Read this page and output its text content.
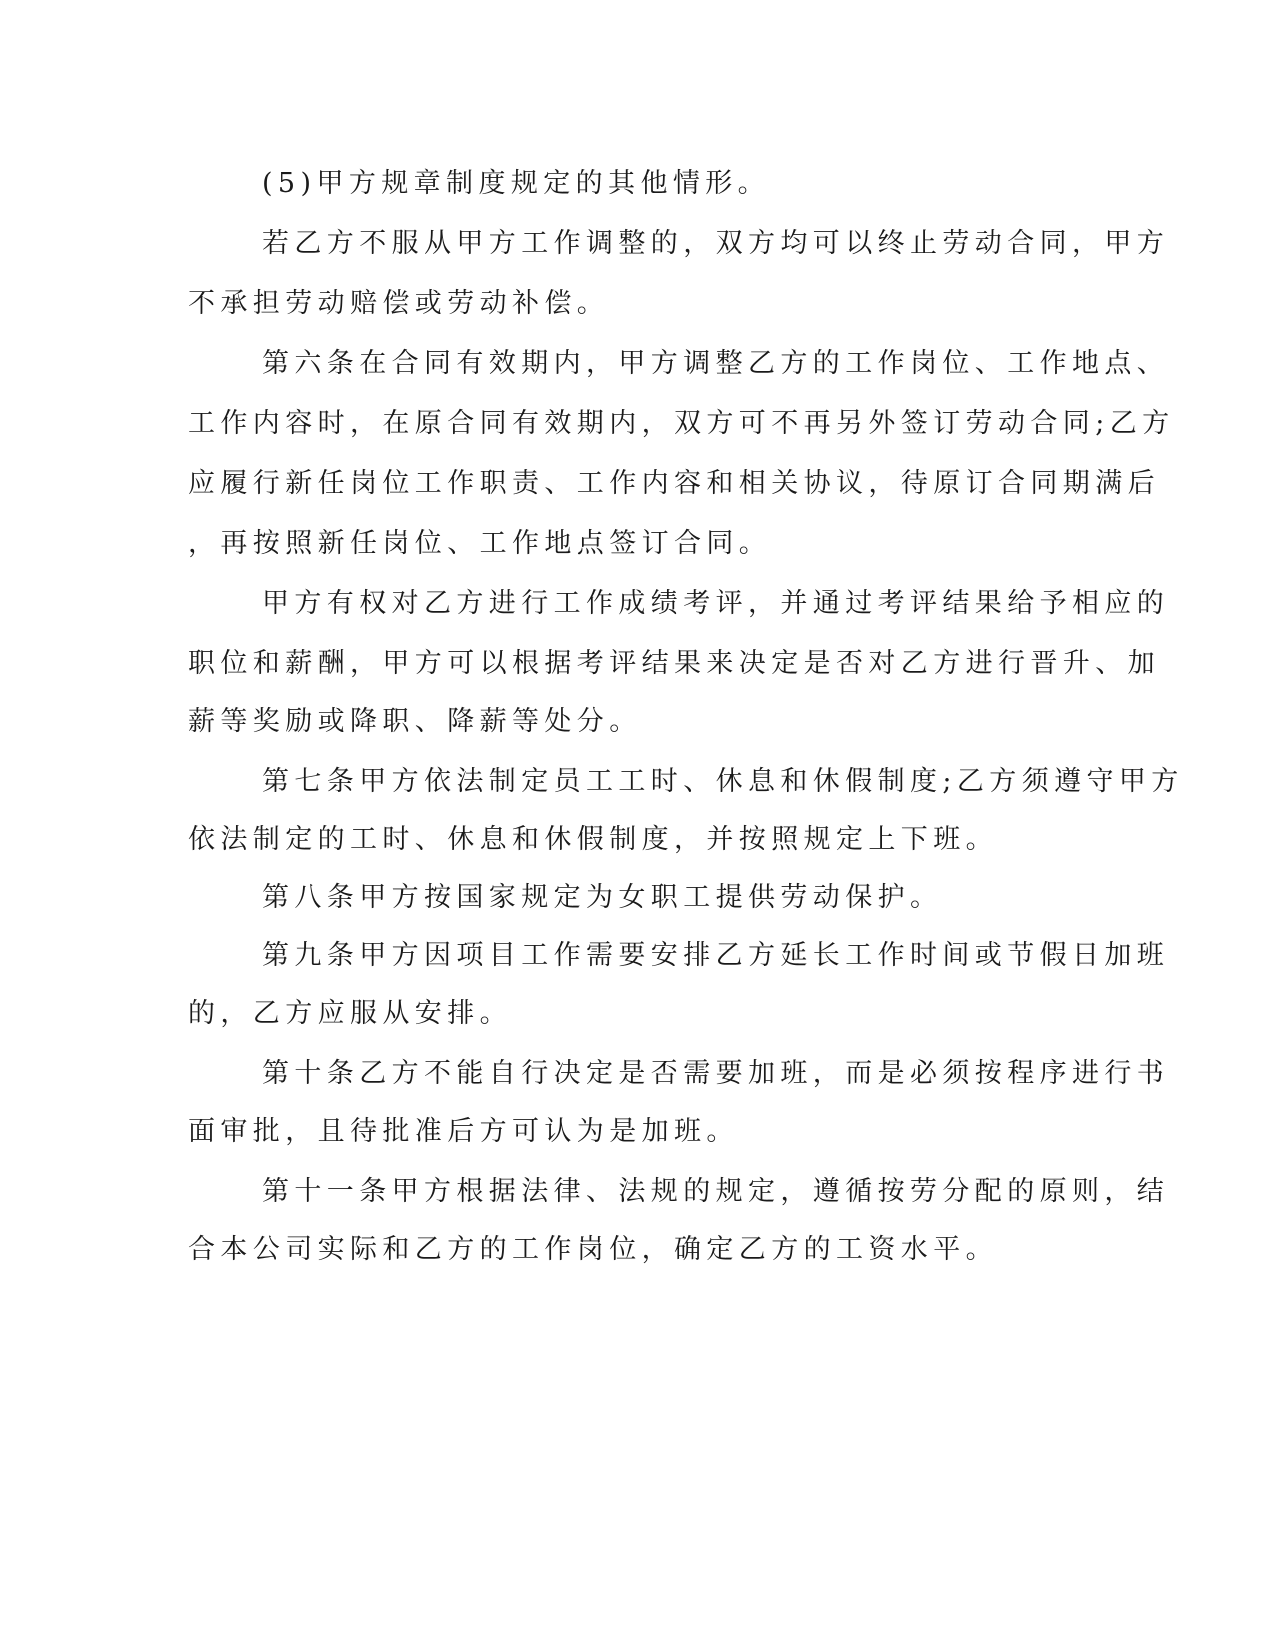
(5)甲方规章制度规定的其他情形。

若乙方不服从甲方工作调整的，双方均可以终止劳动合同，甲方

不承担劳动赔偿或劳动补偿。

第六条在合同有效期内，甲方调整乙方的工作岗位、工作地点、

工作内容时，在原合同有效期内，双方可不再另外签订劳动合同;乙方

应履行新任岗位工作职责、工作内容和相关协议，待原订合同期满后

，再按照新任岗位、工作地点签订合同。

甲方有权对乙方进行工作成绩考评，并通过考评结果给予相应的

职位和薪酬，甲方可以根据考评结果来决定是否对乙方进行晋升、加

薪等奖励或降职、降薪等处分。

第七条甲方依法制定员工工时、休息和休假制度;乙方须遵守甲方

依法制定的工时、休息和休假制度，并按照规定上下班。

第八条甲方按国家规定为女职工提供劳动保护。

第九条甲方因项目工作需要安排乙方延长工作时间或节假日加班

的，乙方应服从安排。

第十条乙方不能自行决定是否需要加班，而是必须按程序进行书

面审批，且待批准后方可认为是加班。

第十一条甲方根据法律、法规的规定，遵循按劳分配的原则，结

合本公司实际和乙方的工作岗位，确定乙方的工资水平。
